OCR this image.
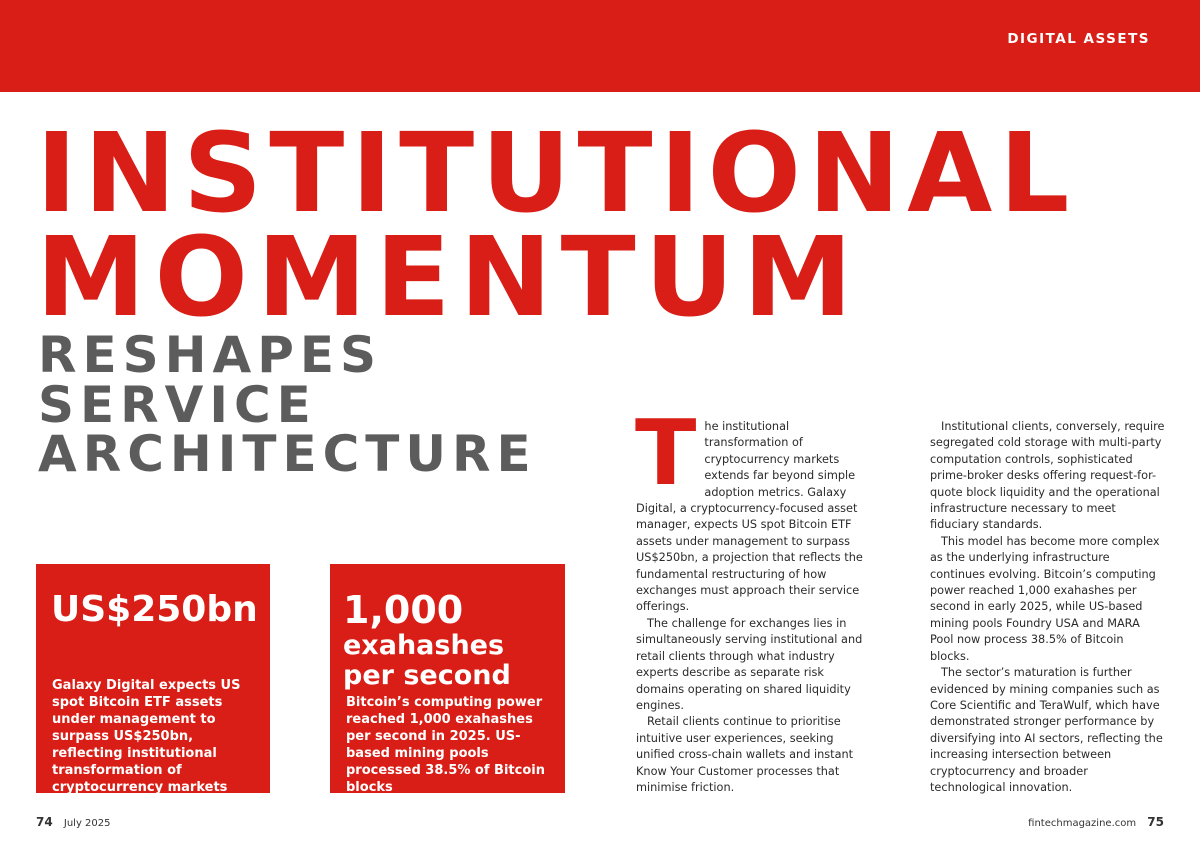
DIGITAL ASSETS
INSTITUTIONAL
MOMENTUM
RESHAPES
SERVICE
ARCHITECTURE

US$250bn

Galaxy Digital expects US spot Bitcoin ETF assets under management to surpass US$250bn, reflecting institutional transformation of cryptocurrency markets

1,000
exahashes
per second

Bitcoin’s computing power reached 1,000 exahashes per second in 2025. US-based mining pools processed 38.5% of Bitcoin blocks

T he institutional transformation of cryptocurrency markets extends far beyond simple adoption metrics. Galaxy Digital, a cryptocurrency-focused asset manager, expects US spot Bitcoin ETF assets under management to surpass US$250bn, a projection that reflects the fundamental restructuring of how exchanges must approach their service offerings.

The challenge for exchanges lies in simultaneously serving institutional and retail clients through what industry experts describe as separate risk domains operating on shared liquidity engines.

Retail clients continue to prioritise intuitive user experiences, seeking unified cross-chain wallets and instant Know Your Customer processes that minimise friction.

Institutional clients, conversely, require segregated cold storage with multi-party computation controls, sophisticated prime-broker desks offering request-for-quote block liquidity and the operational infrastructure necessary to meet fiduciary standards.

This model has become more complex as the underlying infrastructure continues evolving. Bitcoin’s computing power reached 1,000 exahashes per second in early 2025, while US-based mining pools Foundry USA and MARA Pool now process 38.5% of Bitcoin blocks.

The sector’s maturation is further evidenced by mining companies such as Core Scientific and TeraWulf, which have demonstrated stronger performance by diversifying into AI sectors, reflecting the increasing intersection between cryptocurrency and broader technological innovation.

74 July 2025	fintechmagazine.com 75
